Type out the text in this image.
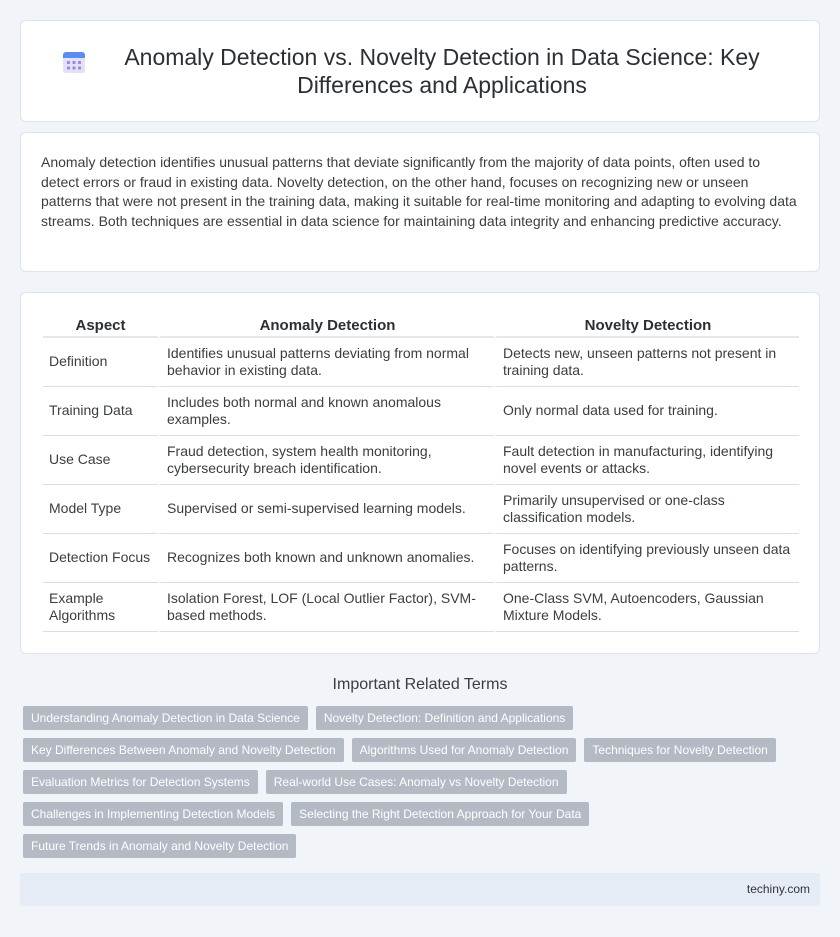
Anomaly Detection vs. Novelty Detection in Data Science: Key Differences and Applications

Anomaly detection identifies unusual patterns that deviate significantly from the majority of data points, often used to detect errors or fraud in existing data. Novelty detection, on the other hand, focuses on recognizing new or unseen patterns that were not present in the training data, making it suitable for real-time monitoring and adapting to evolving data streams. Both techniques are essential in data science for maintaining data integrity and enhancing predictive accuracy.

Aspect	Anomaly Detection	Novelty Detection
Definition	Identifies unusual patterns deviating from normal behavior in existing data.	Detects new, unseen patterns not present in training data.
Training Data	Includes both normal and known anomalous examples.	Only normal data used for training.
Use Case	Fraud detection, system health monitoring, cybersecurity breach identification.	Fault detection in manufacturing, identifying novel events or attacks.
Model Type	Supervised or semi-supervised learning models.	Primarily unsupervised or one-class classification models.
Detection Focus	Recognizes both known and unknown anomalies.	Focuses on identifying previously unseen data patterns.
Example Algorithms	Isolation Forest, LOF (Local Outlier Factor), SVM-based methods.	One-Class SVM, Autoencoders, Gaussian Mixture Models.
Important Related Terms
Understanding Anomaly Detection in Data Science	Novelty Detection: Definition and Applications
Key Differences Between Anomaly and Novelty Detection	Algorithms Used for Anomaly Detection	Techniques for Novelty Detection
Evaluation Metrics for Detection Systems	Real-world Use Cases: Anomaly vs Novelty Detection
Challenges in Implementing Detection Models	Selecting the Right Detection Approach for Your Data
Future Trends in Anomaly and Novelty Detection
techiny.com
